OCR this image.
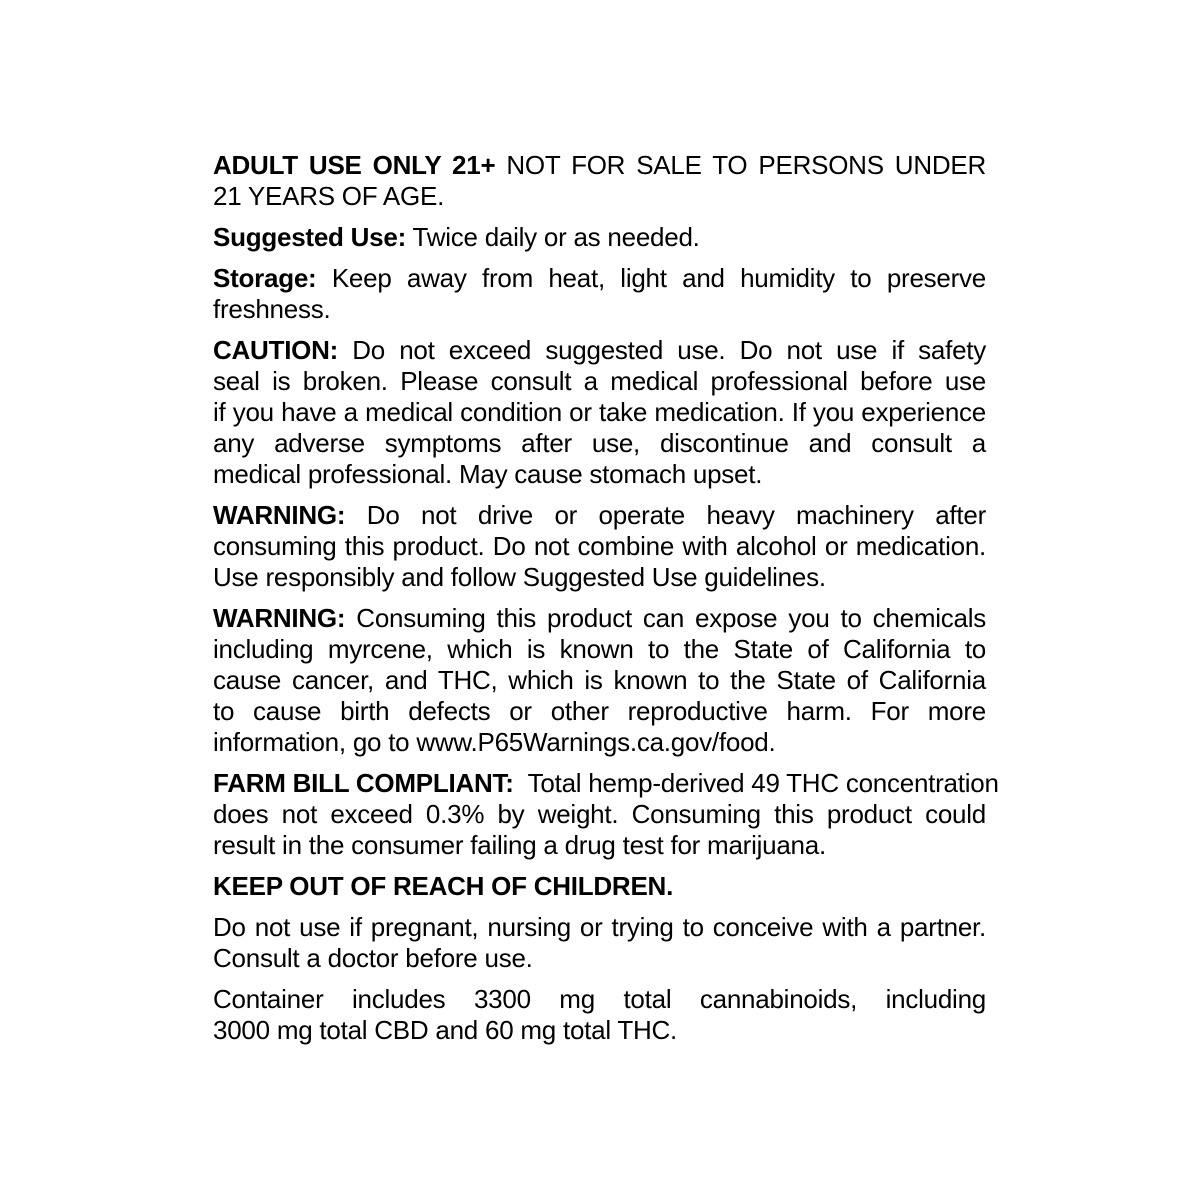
ADULT USE ONLY 21+ NOT FOR SALE TO PERSONS UNDER
21 YEARS OF AGE.
Suggested Use: Twice daily or as needed.
Storage: Keep away from heat, light and humidity to preserve
freshness.
CAUTION: Do not exceed suggested use. Do not use if safety
seal is broken. Please consult a medical professional before use
if you have a medical condition or take medication. If you experience
any adverse symptoms after use, discontinue and consult a
medical professional. May cause stomach upset.
WARNING: Do not drive or operate heavy machinery after
consuming this product. Do not combine with alcohol or medication.
Use responsibly and follow Suggested Use guidelines.
WARNING: Consuming this product can expose you to chemicals
including myrcene, which is known to the State of California to
cause cancer, and THC, which is known to the State of California
to cause birth defects or other reproductive harm. For more
information, go to www.P65Warnings.ca.gov/food.
FARM BILL COMPLIANT:  Total hemp-derived 49 THC concentration
does not exceed 0.3% by weight. Consuming this product could
result in the consumer failing a drug test for marijuana.
KEEP OUT OF REACH OF CHILDREN.
Do not use if pregnant, nursing or trying to conceive with a partner.
Consult a doctor before use.
Container includes 3300 mg total cannabinoids, including
3000 mg total CBD and 60 mg total THC.
